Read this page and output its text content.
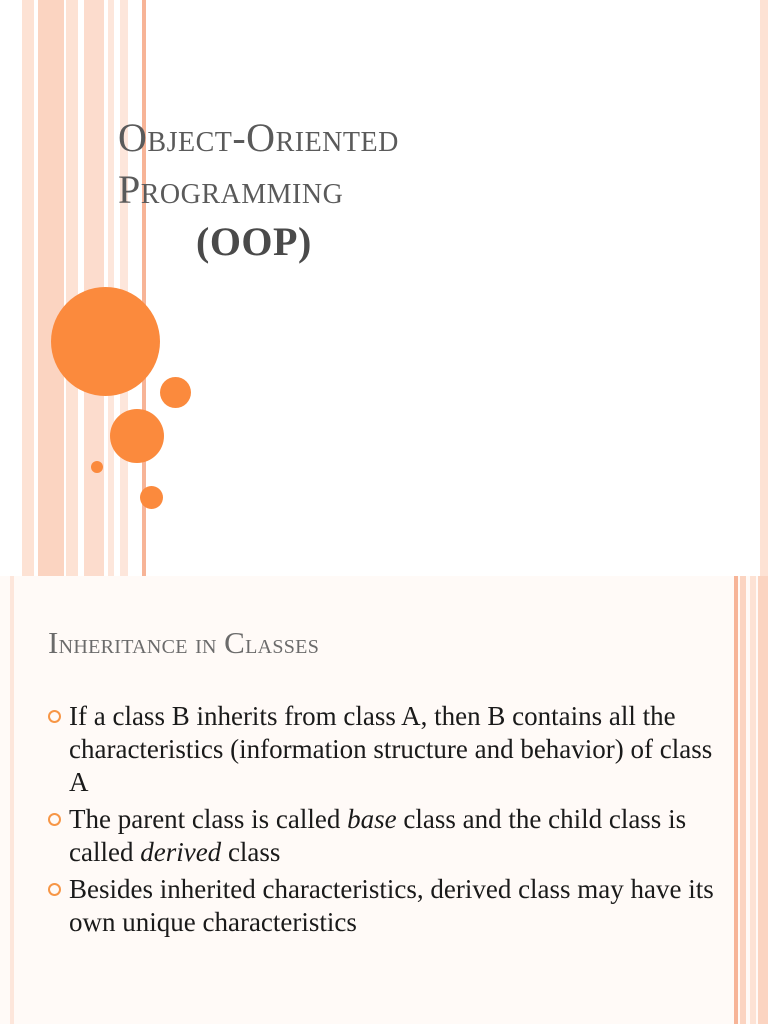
Object-Oriented
Programming
(OOP)
Inheritance in Classes
If a class B inherits from class A, then B contains all the characteristics (information structure and behavior) of class A
The parent class is called base class and the child class is called derived class
Besides inherited characteristics, derived class may have its own unique characteristics
